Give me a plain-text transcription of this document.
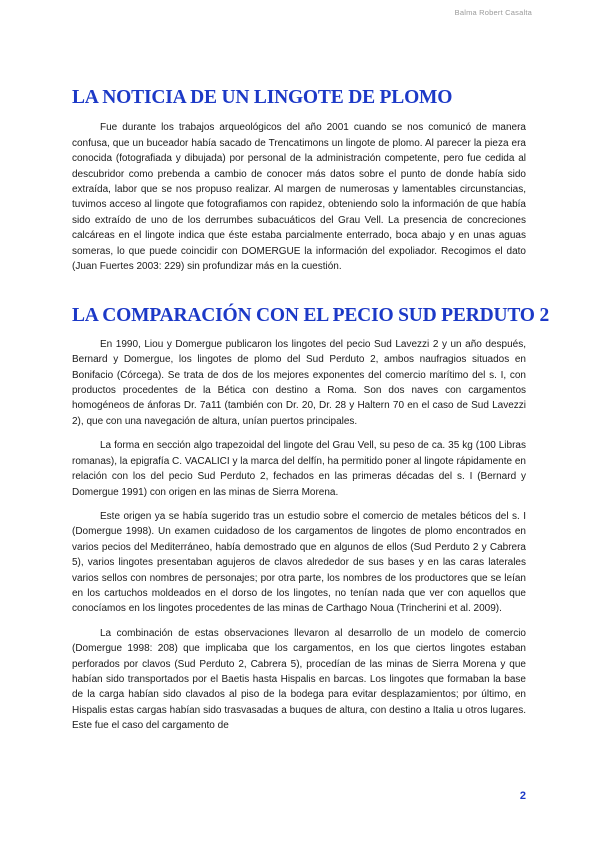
Balma Robert Casalta
LA NOTICIA DE UN LINGOTE DE PLOMO

Fue durante los trabajos arqueológicos del año 2001 cuando se nos comunicó de manera confusa, que un buceador había sacado de Trencatimons un lingote de plomo. Al parecer la pieza era conocida (fotografiada y dibujada) por personal de la administración competente, pero fue cedida al descubridor como prebenda a cambio de conocer más datos sobre el punto de donde había sido extraída, labor que se nos propuso realizar. Al margen de numerosas y lamentables circunstancias, tuvimos acceso al lingote que fotografiamos con rapidez, obteniendo solo la información de que había sido extraído de uno de los derrumbes subacuáticos del Grau Vell. La presencia de concreciones calcáreas en el lingote indica que éste estaba parcialmente enterrado, boca abajo y en unas aguas someras, lo que puede coincidir con DOMERGUE la información del expoliador. Recogimos el dato (Juan Fuertes 2003: 229) sin profundizar más en la cuestión.

LA COMPARACIÓN CON EL PECIO SUD PERDUTO 2

En 1990, Liou y Domergue publicaron los lingotes del pecio Sud Lavezzi 2 y un año después, Bernard y Domergue, los lingotes de plomo del Sud Perduto 2, ambos naufragios situados en Bonifacio (Córcega). Se trata de dos de los mejores exponentes del comercio marítimo del s. I, con productos procedentes de la Bética con destino a Roma. Son dos naves con cargamentos homogéneos de ánforas Dr. 7a11 (también con Dr. 20, Dr. 28 y Haltern 70 en el caso de Sud Lavezzi 2), que con una navegación de altura, unían puertos principales.

La forma en sección algo trapezoidal del lingote del Grau Vell, su peso de ca. 35 kg (100 Libras romanas), la epigrafía C. VACALICI y la marca del delfín, ha permitido poner al lingote rápidamente en relación con los del pecio Sud Perduto 2, fechados en las primeras décadas del s. I (Bernard y Domergue 1991) con origen en las minas de Sierra Morena.

Este origen ya se había sugerido tras un estudio sobre el comercio de metales béticos del s. I (Domergue 1998). Un examen cuidadoso de los cargamentos de lingotes de plomo encontrados en varios pecios del Mediterráneo, había demostrado que en algunos de ellos (Sud Perduto 2 y Cabrera 5), varios lingotes presentaban agujeros de clavos alrededor de sus bases y en las caras laterales varios sellos con nombres de personajes; por otra parte, los nombres de los productores que se leían en los cartuchos moldeados en el dorso de los lingotes, no tenían nada que ver con aquellos que conocíamos en los lingotes procedentes de las minas de Carthago Noua (Trincherini et al. 2009).

La combinación de estas observaciones llevaron al desarrollo de un modelo de comercio (Domergue 1998: 208) que implicaba que los cargamentos, en los que ciertos lingotes estaban perforados por clavos (Sud Perduto 2, Cabrera 5), procedían de las minas de Sierra Morena y que habían sido transportados por el Baetis hasta Hispalis en barcas. Los lingotes que formaban la base de la carga habían sido clavados al piso de la bodega para evitar desplazamientos; por último, en Hispalis estas cargas habían sido trasvasadas a buques de altura, con destino a Italia u otros lugares. Este fue el caso del cargamento de

2
